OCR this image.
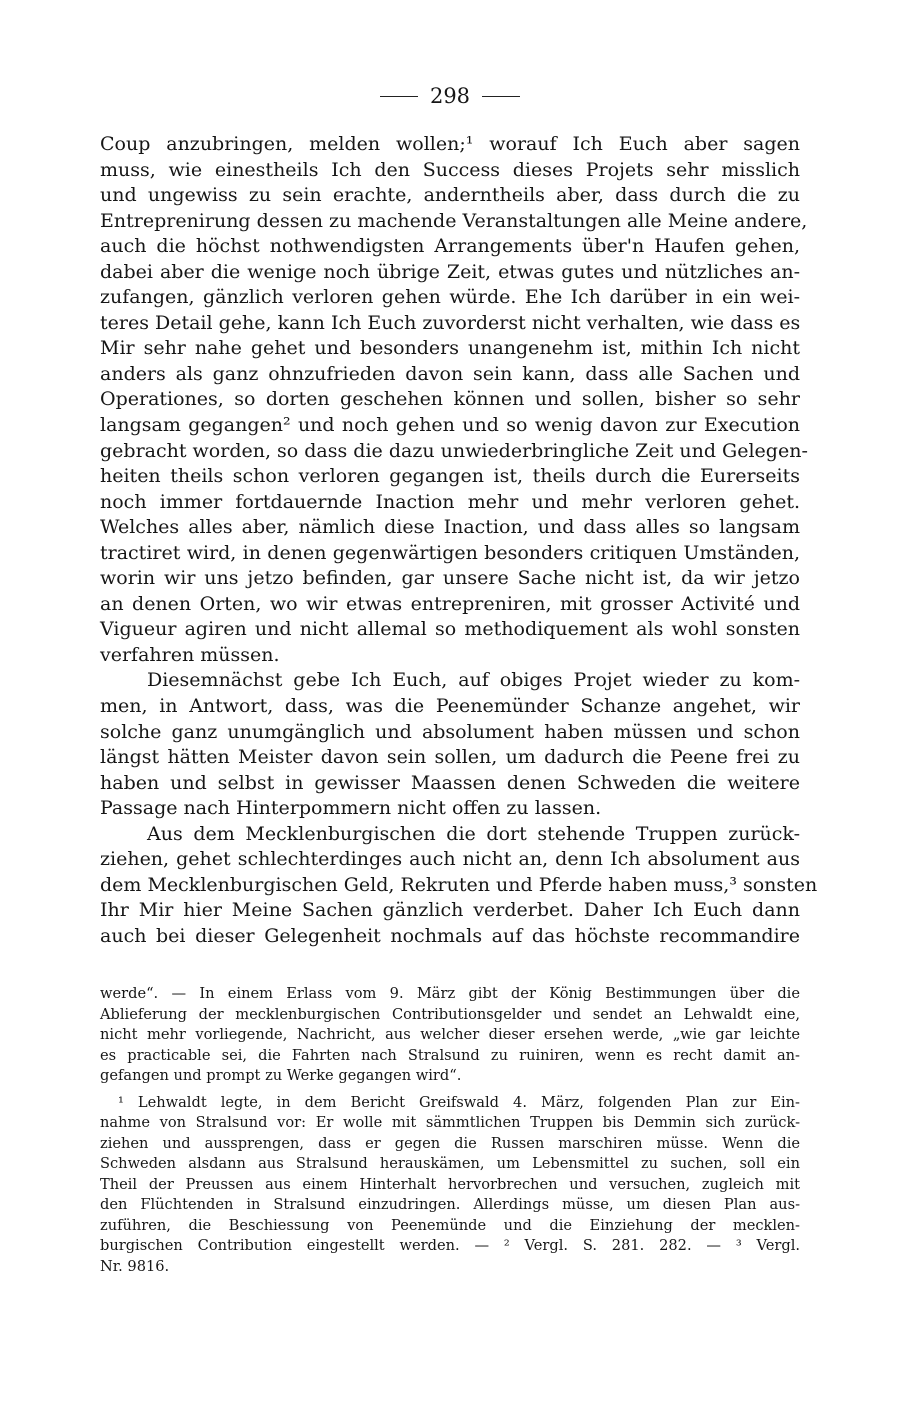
298
Coup anzubringen, melden wollen;¹ worauf Ich Euch aber sagen
muss, wie einestheils Ich den Success dieses Projets sehr misslich
und ungewiss zu sein erachte, anderntheils aber, dass durch die zu
Entreprenirung dessen zu machende Veranstaltungen alle Meine andere,
auch die höchst nothwendigsten Arrangements über'n Haufen gehen,
dabei aber die wenige noch übrige Zeit, etwas gutes und nützliches an-
zufangen, gänzlich verloren gehen würde. Ehe Ich darüber in ein wei-
teres Detail gehe, kann Ich Euch zuvorderst nicht verhalten, wie dass es
Mir sehr nahe gehet und besonders unangenehm ist, mithin Ich nicht
anders als ganz ohnzufrieden davon sein kann, dass alle Sachen und
Operationes, so dorten geschehen können und sollen, bisher so sehr
langsam gegangen² und noch gehen und so wenig davon zur Execution
gebracht worden, so dass die dazu unwiederbringliche Zeit und Gelegen-
heiten theils schon verloren gegangen ist, theils durch die Eurerseits
noch immer fortdauernde Inaction mehr und mehr verloren gehet.
Welches alles aber, nämlich diese Inaction, und dass alles so langsam
tractiret wird, in denen gegenwärtigen besonders critiquen Umständen,
worin wir uns jetzo befinden, gar unsere Sache nicht ist, da wir jetzo
an denen Orten, wo wir etwas entrepreniren, mit grosser Activité und
Vigueur agiren und nicht allemal so methodiquement als wohl sonsten
verfahren müssen.
Diesemnächst gebe Ich Euch, auf obiges Projet wieder zu kom-
men, in Antwort, dass, was die Peenemünder Schanze angehet, wir
solche ganz unumgänglich und absolument haben müssen und schon
längst hätten Meister davon sein sollen, um dadurch die Peene frei zu
haben und selbst in gewisser Maassen denen Schweden die weitere
Passage nach Hinterpommern nicht offen zu lassen.
Aus dem Mecklenburgischen die dort stehende Truppen zurück-
ziehen, gehet schlechterdinges auch nicht an, denn Ich absolument aus
dem Mecklenburgischen Geld, Rekruten und Pferde haben muss,³ sonsten
Ihr Mir hier Meine Sachen gänzlich verderbet. Daher Ich Euch dann
auch bei dieser Gelegenheit nochmals auf das höchste recommandire
werde“. — In einem Erlass vom 9. März gibt der König Bestimmungen über die
Ablieferung der mecklenburgischen Contributionsgelder und sendet an Lehwaldt eine,
nicht mehr vorliegende, Nachricht, aus welcher dieser ersehen werde, „wie gar leichte
es practicable sei, die Fahrten nach Stralsund zu ruiniren, wenn es recht damit an-
gefangen und prompt zu Werke gegangen wird“.
¹ Lehwaldt legte, in dem Bericht Greifswald 4. März, folgenden Plan zur Ein-
nahme von Stralsund vor: Er wolle mit sämmtlichen Truppen bis Demmin sich zurück-
ziehen und aussprengen, dass er gegen die Russen marschiren müsse. Wenn die
Schweden alsdann aus Stralsund herauskämen, um Lebensmittel zu suchen, soll ein
Theil der Preussen aus einem Hinterhalt hervorbrechen und versuchen, zugleich mit
den Flüchtenden in Stralsund einzudringen. Allerdings müsse, um diesen Plan aus-
zuführen, die Beschiessung von Peenemünde und die Einziehung der mecklen-
burgischen Contribution eingestellt werden. — ² Vergl. S. 281. 282. — ³ Vergl.
Nr. 9816.
